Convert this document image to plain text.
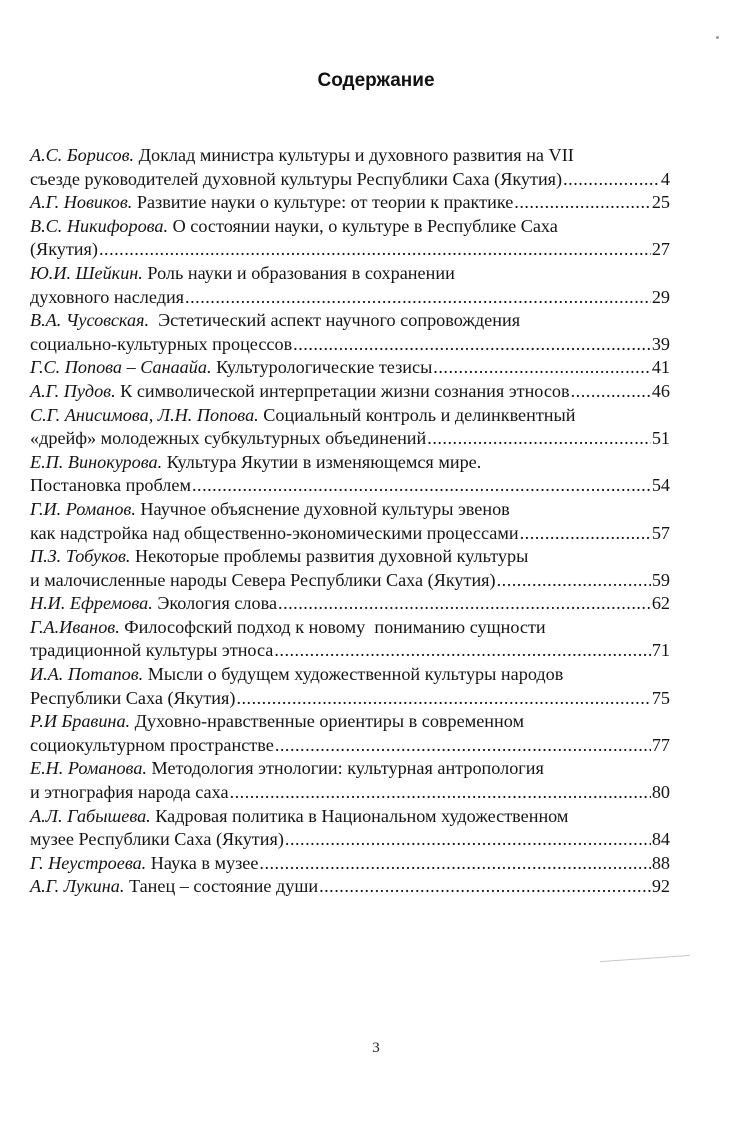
Содержание
А.С. Борисов. Доклад министра культуры и духовного развития на VII
съезде руководителей духовной культуры Республики Саха (Якутия) .....	4
А.Г. Новиков. Развитие науки о культуре: от теории к практике .....	25
В.С. Никифорова. О состоянии науки, о культуре в Республике Саха
(Якутия) .....	27
Ю.И. Шейкин. Роль науки и образования в сохранении
духовного наследия .....	29
В.А. Чусовская. Эстетический аспект научного сопровождения
социально-культурных процессов .....	39
Г.С. Попова – Санаайа. Культурологические тезисы .....	41
А.Г. Пудов. К символической интерпретации жизни сознания этносов .....	46
С.Г. Анисимова, Л.Н. Попова. Социальный контроль и делинквентный
«дрейф» молодежных субкультурных объединений .....	51
Е.П. Винокурова. Культура Якутии в изменяющемся мире.
Постановка проблем .....	54
Г.И. Романов. Научное объяснение духовной культуры эвенов
как надстройка над общественно-экономическими процессами .....	57
П.З. Тобуков. Некоторые проблемы развития духовной культуры
и малочисленные народы Севера Республики Саха (Якутия) .....	59
Н.И. Ефремова. Экология слова .....	62
Г.А.Иванов. Философский подход к новому  пониманию сущности
традиционной культуры этноса .....	71
И.А. Потапов. Мысли о будущем художественной культуры народов
Республики Саха (Якутия) .....	75
Р.И Бравина. Духовно-нравственные ориентиры в современном
социокультурном пространстве .....	77
Е.Н. Романова. Методология этнологии: культурная антропология
и этнография народа саха .....	80
А.Л. Габышева. Кадровая политика в Национальном художественном
музее Республики Саха (Якутия) .....	84
Г. Неустроева. Наука в музее .....	88
А.Г. Лукина. Танец – состояние души .....	92
3
